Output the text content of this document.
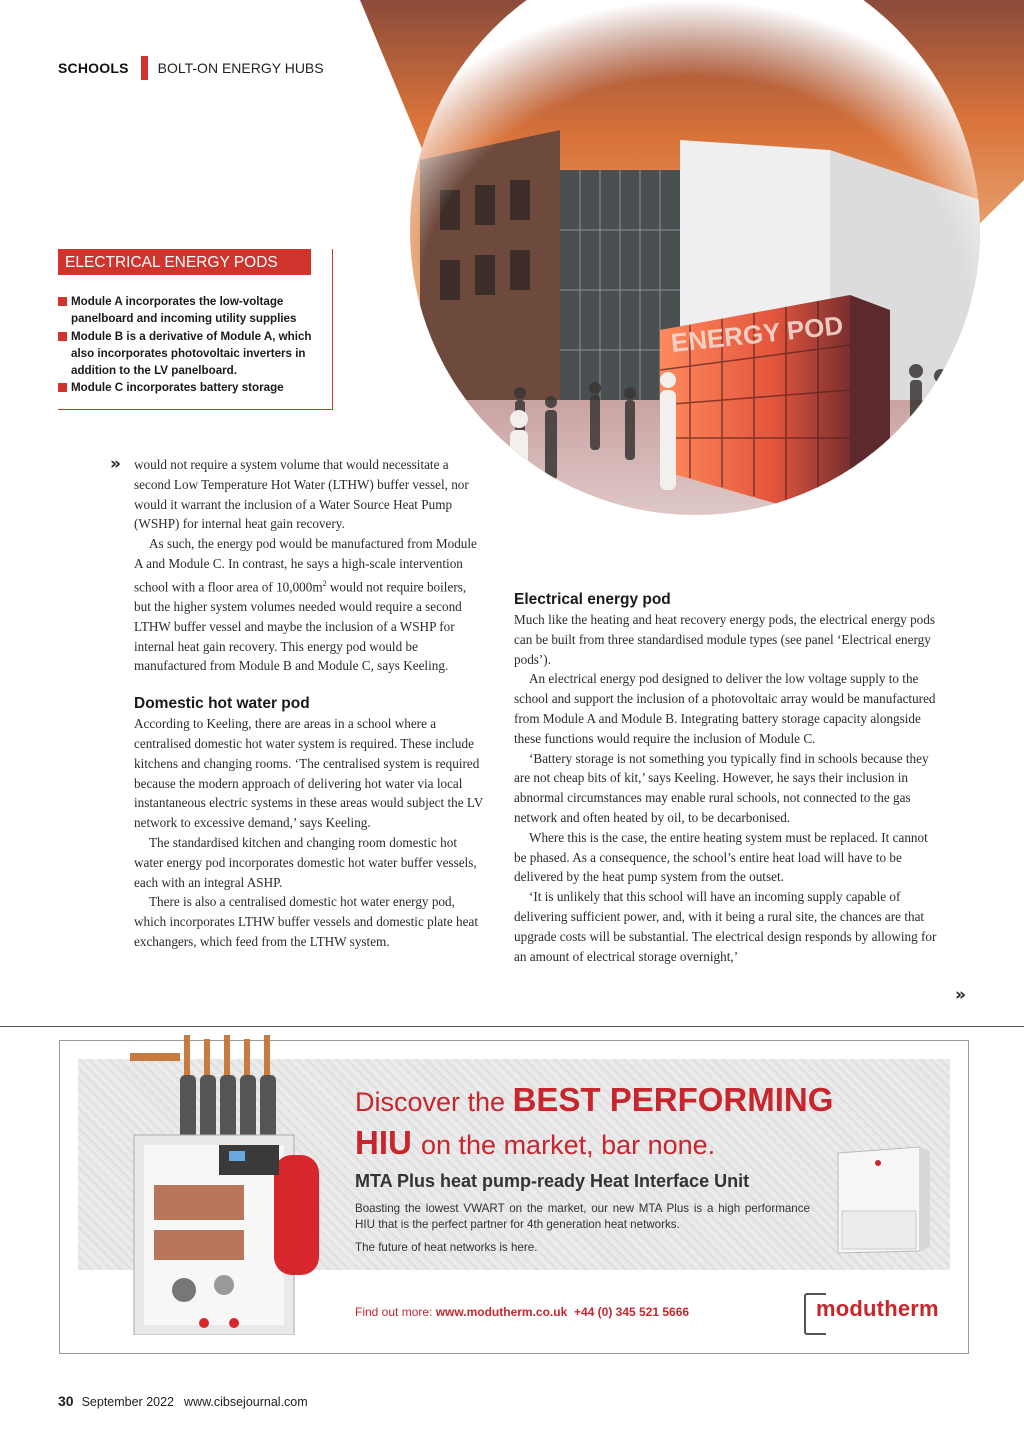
SCHOOLS BOLT-ON ENERGY HUBS
ELECTRICAL ENERGY PODS
Module A incorporates the low-voltage panelboard and incoming utility supplies
Module B is a derivative of Module A, which also incorporates photovoltaic inverters in addition to the LV panelboard.
Module C incorporates battery storage
» would not require a system volume that would necessitate a second Low Temperature Hot Water (LTHW) buffer vessel, nor would it warrant the inclusion of a Water Source Heat Pump (WSHP) for internal heat gain recovery.

As such, the energy pod would be manufactured from Module A and Module C. In contrast, he says a high-scale intervention school with a floor area of $10,000m^2$ would not require boilers, but the higher system volumes needed would require a second LTHW buffer vessel and maybe the inclusion of a WSHP for internal heat gain recovery. This energy pod would be manufactured from Module B and Module C, says Keeling.

Domestic hot water pod

According to Keeling, there are areas in a school where a centralised domestic hot water system is required. These include kitchens and changing rooms. ‘The centralised system is required because the modern approach of delivering hot water via local instantaneous electric systems in these areas would subject the LV network to excessive demand,’ says Keeling.

The standardised kitchen and changing room domestic hot water energy pod incorporates domestic hot water buffer vessels, each with an integral ASHP.

There is also a centralised domestic hot water energy pod, which incorporates LTHW buffer vessels and domestic plate heat exchangers, which feed from the LTHW system.

Electrical energy pod

Much like the heating and heat recovery energy pods, the electrical energy pods can be built from three standardised module types (see panel ‘Electrical energy pods’).

An electrical energy pod designed to deliver the low voltage supply to the school and support the inclusion of a photovoltaic array would be manufactured from Module A and Module B. Integrating battery storage capacity alongside these functions would require the inclusion of Module C.

‘Battery storage is not something you typically find in schools because they are not cheap bits of kit,’ says Keeling. However, he says their inclusion in abnormal circumstances may enable rural schools, not connected to the gas network and often heated by oil, to be decarbonised.

Where this is the case, the entire heating system must be replaced. It cannot be phased. As a consequence, the school’s entire heat load will have to be delivered by the heat pump system from the outset.

‘It is unlikely that this school will have an incoming supply capable of delivering sufficient power, and, with it being a rural site, the chances are that upgrade costs will be substantial. The electrical design responds by allowing for an amount of electrical storage overnight,’

»
Discover the BEST PERFORMING
HIU on the market, bar none.
MTA Plus heat pump-ready Heat Interface Unit
Boasting the lowest VWART on the market, our new MTA Plus is a high performance HIU that is the perfect partner for 4th generation heat networks.
The future of heat networks is here.
Find out more: www.modutherm.co.uk +44 (0) 345 521 5666	modutherm
30 September 2022 www.cibsejournal.com
